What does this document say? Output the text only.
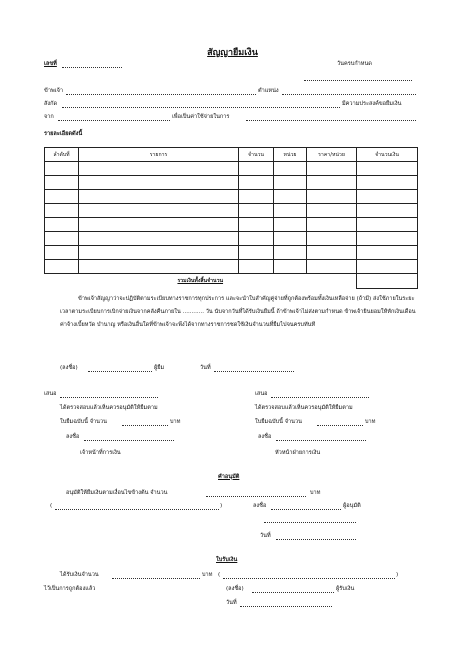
สัญญายืมเงิน
เลขที่	วันครบกำหนด
ข้าพเจ้า	ตำแหน่ง
สังกัด	มีความประสงค์ขอยืมเงิน
จาก	เพื่อเป็นค่าใช้จ่ายในการ
รายละเอียดดังนี้
ลำดับที่	รายการ	จำนวน	หน่วย	ราคา/หน่วย	จำนวนเงิน

รวมเงินทั้งสิ้นจำนวน					
ข้าพเจ้าสัญญาว่าจะปฏิบัติตามระเบียบทางราชการทุกประการ และจะนำใบสำคัญคู่จ่ายที่ถูกต้องพร้อมทั้งเงินเหลือจ่าย (ถ้ามี) ส่งใช้ภายในระยะเวลาตามระเบียบการเบิกจ่ายเงินจากคลังคืนภายใน ............ วัน นับจากวันที่ได้รับเงินยืมนี้ ถ้าข้าพเจ้าไม่ส่งตามกำหนด ข้าพเจ้ายินยอมให้หักเงินเดือน ค่าจ้างเบี้ยหวัด บำนาญ หรือเงินอื่นใดที่ข้าพเจ้าจะพึงได้จากทางราชการชดใช้เงินจำนวนที่ยืมไปจนครบทันที
(ลงชื่อ)	ผู้ยืม	วันที่
เสนอ
ได้ตรวจสอบแล้วเห็นควรอนุมัติให้ยืมตาม
ใบยืมฉบับนี้ จำนวน	บาท
ลงชื่อ
เจ้าหน้าที่การเงิน
เสนอ
ได้ตรวจสอบแล้วเห็นควรอนุมัติให้ยืมตาม
ใบยืมฉบับนี้ จำนวน	บาท
ลงชื่อ
หัวหน้าฝ่ายการเงิน
คำอนุมัติ
อนุมัติให้ยืมเงินตามเงื่อนไขข้างต้น จำนวน	บาท
(	)	ลงชื่อ	ผู้อนุมัติ
วันที่
ใบรับเงิน
ได้รับเงินจำนวน	บาท (	)
ไว้เป็นการถูกต้องแล้ว	(ลงชื่อ)	ผู้รับเงิน
วันที่
